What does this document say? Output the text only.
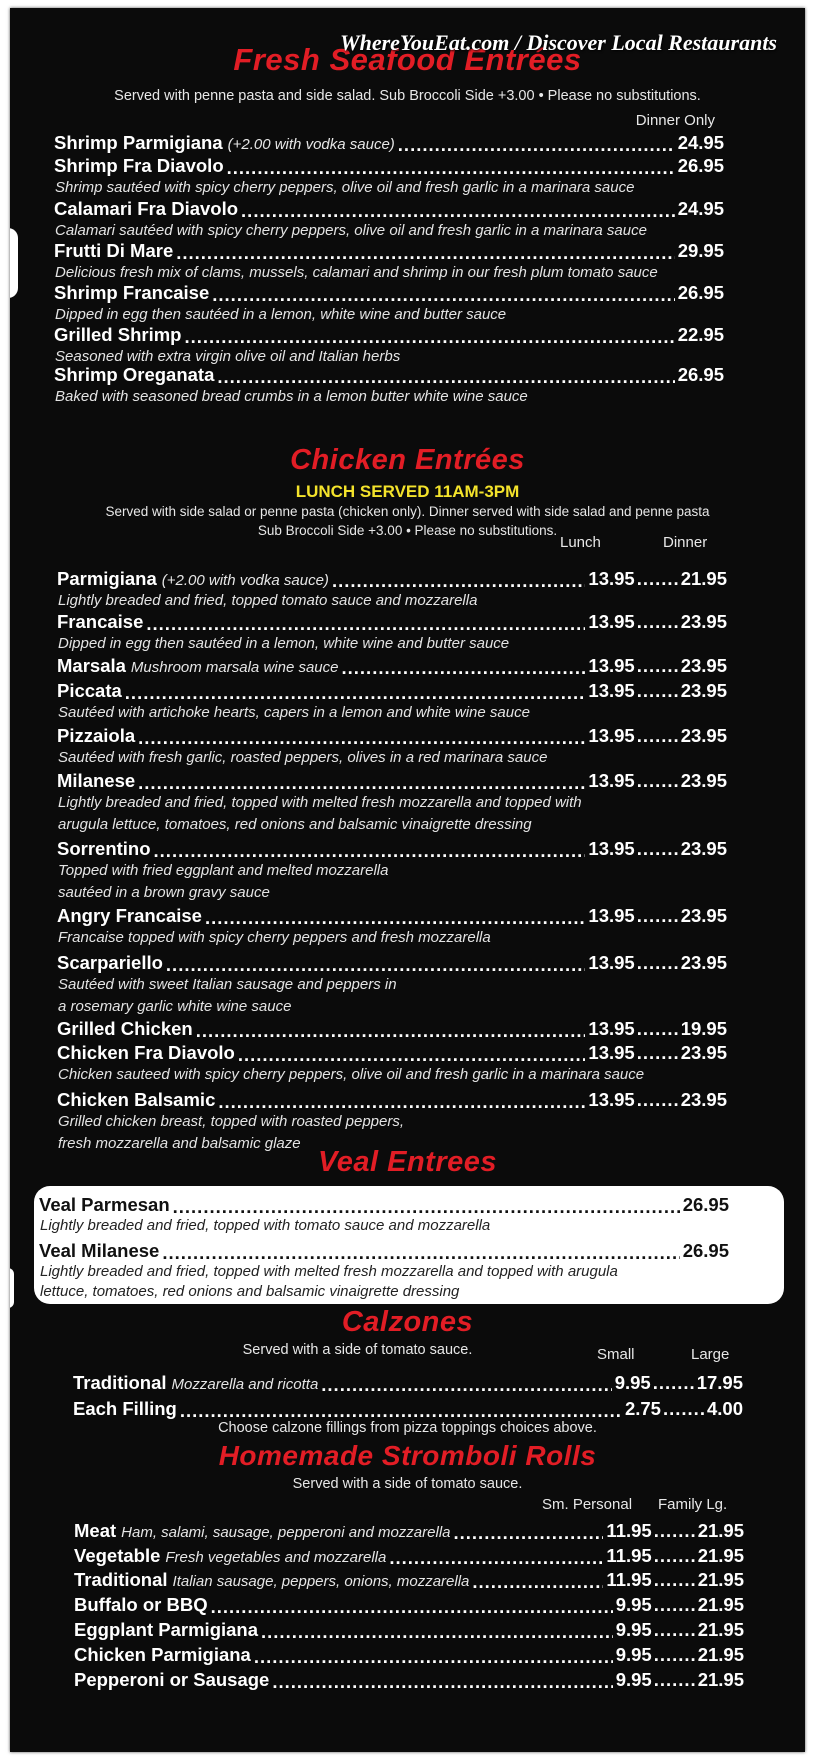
WhereYouEat.com / Discover Local Restaurants
Fresh Seafood Entrées
Served with penne pasta and side salad. Sub Broccoli Side +3.00 • Please no substitutions.
Dinner Only
Shrimp Parmigiana (+2.00 with vodka sauce) .....	24.95
Shrimp Fra Diavolo .....	26.95
Shrimp sautéed with spicy cherry peppers, olive oil and fresh garlic in a marinara sauce
Calamari Fra Diavolo .....	24.95
Calamari sautéed with spicy cherry peppers, olive oil and fresh garlic in a marinara sauce
Frutti Di Mare .....	29.95
Delicious fresh mix of clams, mussels, calamari and shrimp in our fresh plum tomato sauce
Shrimp Francaise .....	26.95
Dipped in egg then sautéed in a lemon, white wine and butter sauce
Grilled Shrimp .....	22.95
Seasoned with extra virgin olive oil and Italian herbs
Shrimp Oreganata .....	26.95
Baked with seasoned bread crumbs in a lemon butter white wine sauce
Chicken Entrées
LUNCH SERVED 11AM-3PM
Served with side salad or penne pasta (chicken only). Dinner served with side salad and penne pasta
Sub Broccoli Side +3.00 • Please no substitutions.
Lunch	Dinner
Parmigiana (+2.00 with vodka sauce) .....	13.95 ..... 21.95
Lightly breaded and fried, topped tomato sauce and mozzarella
Francaise .....	13.95 ..... 23.95
Dipped in egg then sautéed in a lemon, white wine and butter sauce
Marsala Mushroom marsala wine sauce .....	13.95 ..... 23.95
Piccata .....	13.95 ..... 23.95
Sautéed with artichoke hearts, capers in a lemon and white wine sauce
Pizzaiola .....	13.95 ..... 23.95
Sautéed with fresh garlic, roasted peppers, olives in a red marinara sauce
Milanese .....	13.95 ..... 23.95
Lightly breaded and fried, topped with melted fresh mozzarella and topped with
arugula lettuce, tomatoes, red onions and balsamic vinaigrette dressing
Sorrentino .....	13.95 ..... 23.95
Topped with fried eggplant and melted mozzarella
sautéed in a brown gravy sauce
Angry Francaise .....	13.95 ..... 23.95
Francaise topped with spicy cherry peppers and fresh mozzarella
Scarpariello .....	13.95 ..... 23.95
Sautéed with sweet Italian sausage and peppers in
a rosemary garlic white wine sauce
Grilled Chicken .....	13.95 ..... 19.95
Chicken Fra Diavolo .....	13.95 ..... 23.95
Chicken sauteed with spicy cherry peppers, olive oil and fresh garlic in a marinara sauce
Chicken Balsamic .....	13.95 ..... 23.95
Grilled chicken breast, topped with roasted peppers,
fresh mozzarella and balsamic glaze
Veal Entrees
Veal Parmesan .....	26.95
Lightly breaded and fried, topped with tomato sauce and mozzarella
Veal Milanese .....	26.95
Lightly breaded and fried, topped with melted fresh mozzarella and topped with arugula
lettuce, tomatoes, red onions and balsamic vinaigrette dressing
Calzones
Served with a side of tomato sauce.	Small	Large
Traditional Mozzarella and ricotta .....	9.95 ..... 17.95
Each Filling .....	2.75 ..... 4.00
Choose calzone fillings from pizza toppings choices above.
Homemade Stromboli Rolls
Served with a side of tomato sauce.
Sm. Personal Family Lg.
Meat Ham, salami, sausage, pepperoni and mozzarella .....	11.95 ..... 21.95
Vegetable Fresh vegetables and mozzarella .....	11.95 ..... 21.95
Traditional Italian sausage, peppers, onions, mozzarella .....	11.95 ..... 21.95
Buffalo or BBQ .....	9.95 ..... 21.95
Eggplant Parmigiana .....	9.95 ..... 21.95
Chicken Parmigiana .....	9.95 ..... 21.95
Pepperoni or Sausage .....	9.95 ..... 21.95
